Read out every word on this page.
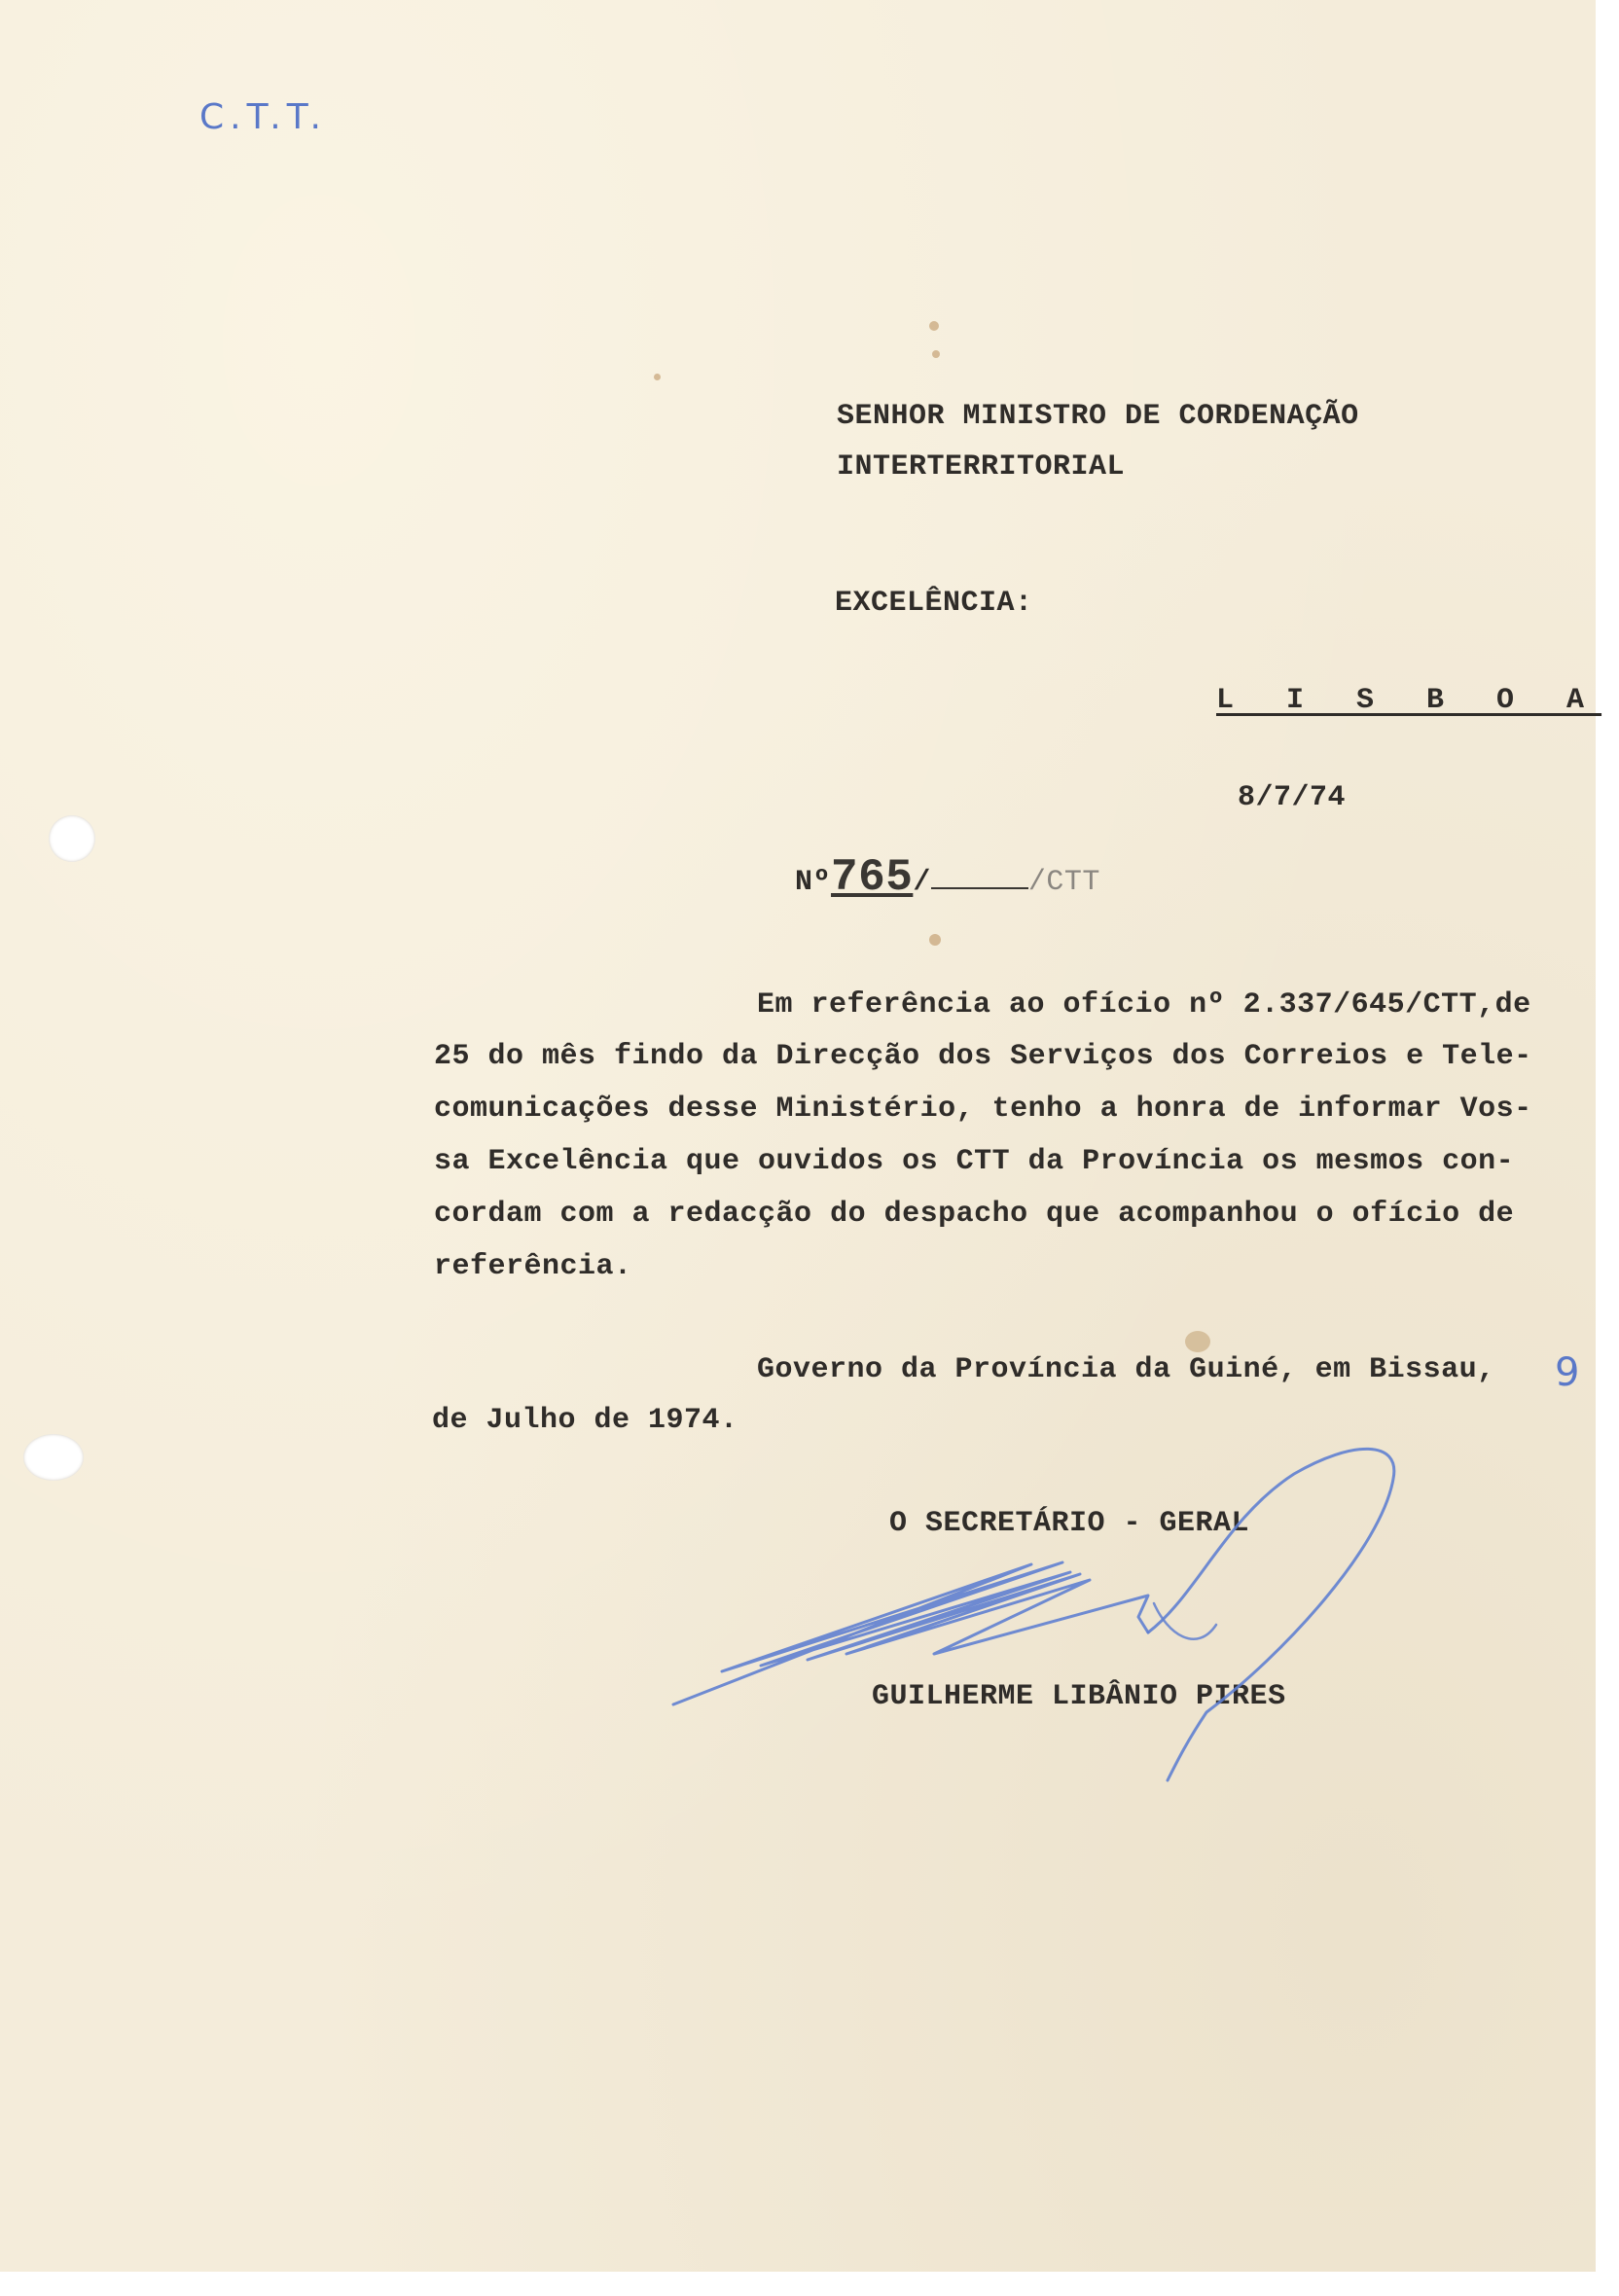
C.T.T.
SENHOR MINISTRO DE CORDENAÇÃO
INTERTERRITORIAL
EXCELÊNCIA:
L I S B O A
8/7/74

Nº765/	/CTT

Em referência ao ofício nº 2.337/645/CTT,de
25 do mês findo da Direcção dos Serviços dos Correios e Tele-
comunicações desse Ministério, tenho a honra de informar Vos-
sa Excelência que ouvidos os CTT da Província os mesmos con-
cordam com a redacção do despacho que acompanhou o ofício de
referência.
Governo da Província da Guiné, em Bissau, 9
de Julho de 1974.
O SECRETÁRIO - GERAL
GUILHERME LIBÂNIO PIRES
